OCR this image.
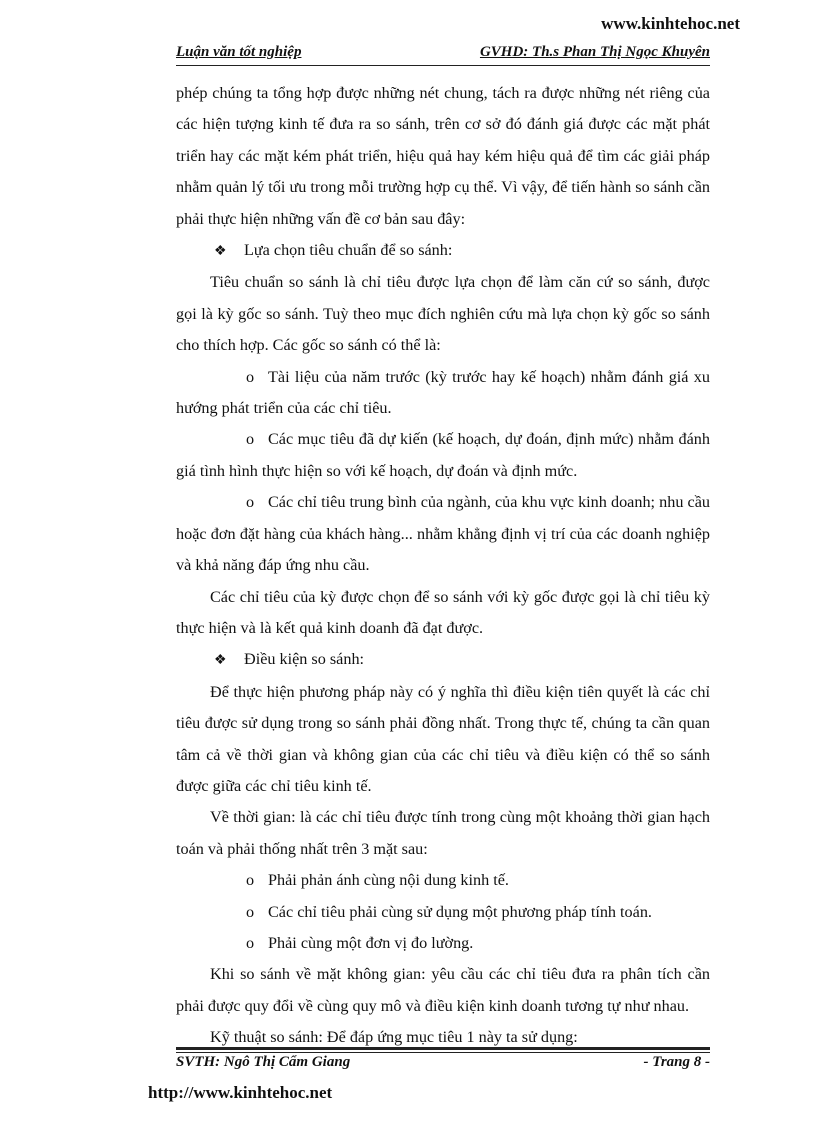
www.kinhtehoc.net
Luận văn tốt nghiệp	GVHD: Th.s Phan Thị Ngọc Khuyên

phép chúng ta tổng hợp được những nét chung, tách ra được những nét riêng của các hiện tượng kinh tế đưa ra so sánh, trên cơ sở đó đánh giá được các mặt phát triển hay các mặt kém phát triển, hiệu quả hay kém hiệu quả để tìm các giải pháp nhằm quản lý tối ưu trong mỗi trường hợp cụ thể. Vì vậy, để tiến hành so sánh cần phải thực hiện những vấn đề cơ bản sau đây:

❖ Lựa chọn tiêu chuẩn để so sánh:

Tiêu chuẩn so sánh là chỉ tiêu được lựa chọn để làm căn cứ so sánh, được gọi là kỳ gốc so sánh. Tuỳ theo mục đích nghiên cứu mà lựa chọn kỳ gốc so sánh cho thích hợp. Các gốc so sánh có thể là:

o Tài liệu của năm trước (kỳ trước hay kế hoạch) nhằm đánh giá xu hướng phát triển của các chỉ tiêu.

o Các mục tiêu đã dự kiến (kế hoạch, dự đoán, định mức) nhằm đánh giá tình hình thực hiện so với kế hoạch, dự đoán và định mức.

o Các chỉ tiêu trung bình của ngành, của khu vực kinh doanh; nhu cầu hoặc đơn đặt hàng của khách hàng... nhằm khẳng định vị trí của các doanh nghiệp và khả năng đáp ứng nhu cầu.

Các chỉ tiêu của kỳ được chọn để so sánh với kỳ gốc được gọi là chỉ tiêu kỳ thực hiện và là kết quả kinh doanh đã đạt được.

❖ Điều kiện so sánh:

Để thực hiện phương pháp này có ý nghĩa thì điều kiện tiên quyết là các chỉ tiêu được sử dụng trong so sánh phải đồng nhất. Trong thực tế, chúng ta cần quan tâm cả về thời gian và không gian của các chỉ tiêu và điều kiện có thể so sánh được giữa các chỉ tiêu kinh tế.

Về thời gian: là các chỉ tiêu được tính trong cùng một khoảng thời gian hạch toán và phải thống nhất trên 3 mặt sau:

o Phải phản ánh cùng nội dung kinh tế.

o Các chỉ tiêu phải cùng sử dụng một phương pháp tính toán.

o Phải cùng một đơn vị đo lường.

Khi so sánh về mặt không gian: yêu cầu các chỉ tiêu đưa ra phân tích cần phải được quy đổi về cùng quy mô và điều kiện kinh doanh tương tự như nhau.

Kỹ thuật so sánh: Để đáp ứng mục tiêu 1 này ta sử dụng:

SVTH: Ngô Thị Cẩm Giang	- Trang 8 -
http://www.kinhtehoc.net
